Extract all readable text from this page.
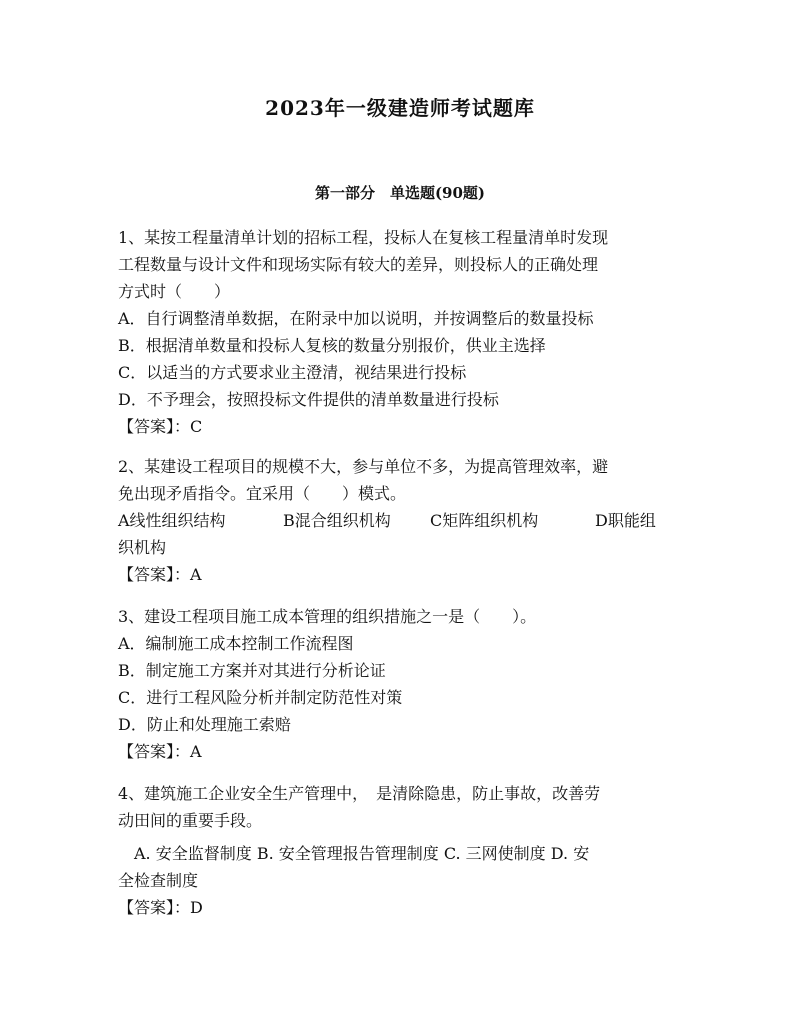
2023年一级建造师考试题库
第一部分　单选题(90题)
1、某按工程量清单计划的招标工程，投标人在复核工程量清单时发现
工程数量与设计文件和现场实际有较大的差异，则投标人的正确处理
方式时（　　）
A．自行调整清单数据，在附录中加以说明，并按调整后的数量投标
B．根据清单数量和投标人复核的数量分别报价，供业主选择
C．以适当的方式要求业主澄清，视结果进行投标
D．不予理会，按照投标文件提供的清单数量进行投标
【答案】：C
2、某建设工程项目的规模不大，参与单位不多，为提高管理效率，避
免出现矛盾指令。宜采用（　　）模式。
A线性组织结构	B混合组织机构 C矩阵组织机构	D职能组
织机构
【答案】：A
3、建设工程项目施工成本管理的组织措施之一是（　　）。
A．编制施工成本控制工作流程图
B．制定施工方案并对其进行分析论证
C．进行工程风险分析并制定防范性对策
D．防止和处理施工索赔
【答案】：A
4、建筑施工企业安全生产管理中，　是清除隐患，防止事故，改善劳
动田间的重要手段。
　A. 安全监督制度 B. 安全管理报告管理制度 C. 三网使制度 D. 安
全检查制度
【答案】：D
